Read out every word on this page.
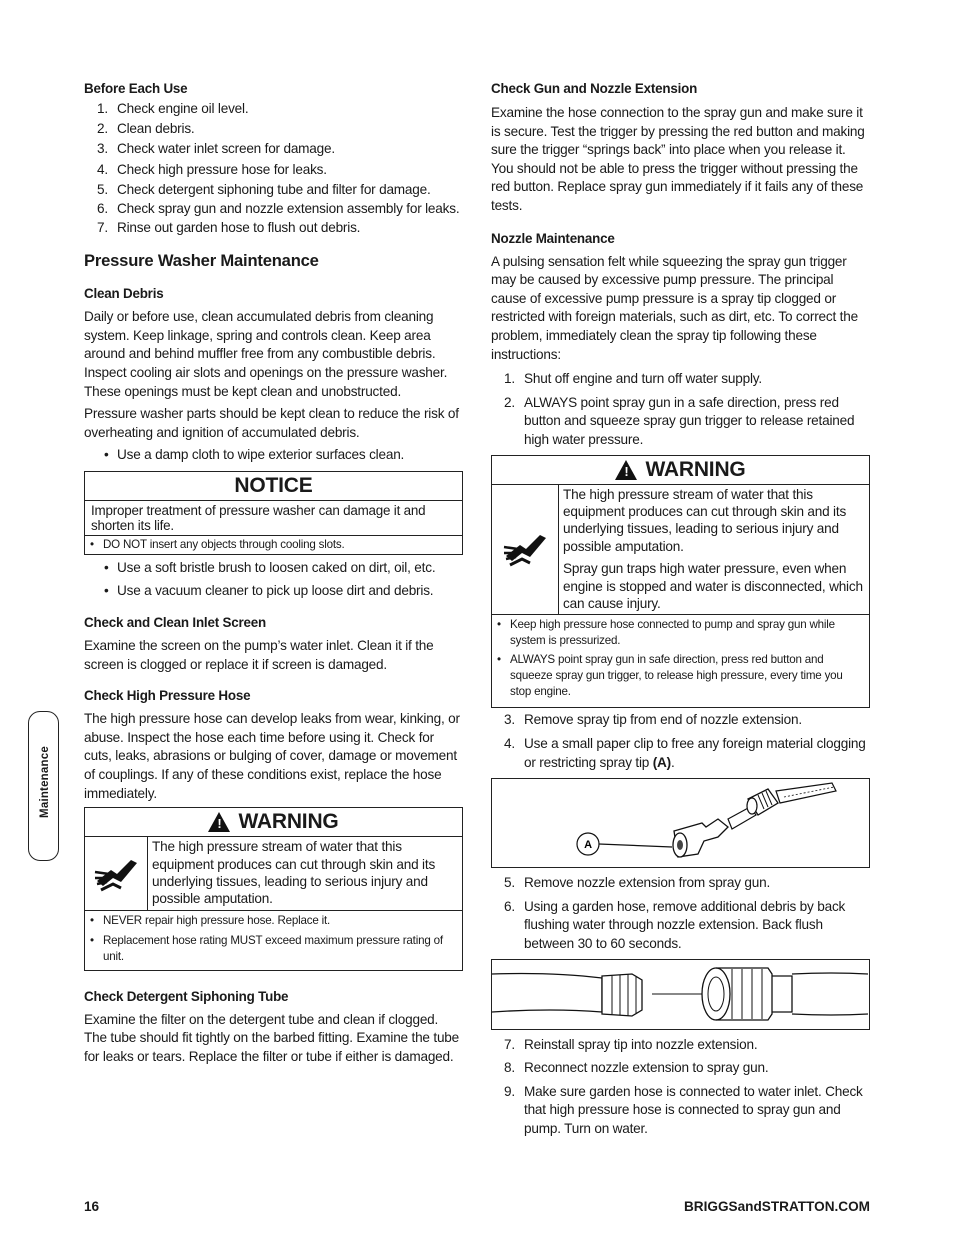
Maintenance
Before Each Use
1. Check engine oil level.
2. Clean debris.
3. Check water inlet screen for damage.
4. Check high pressure hose for leaks.
5. Check detergent siphoning tube and filter for damage.
6. Check spray gun and nozzle extension assembly for leaks.
7. Rinse out garden hose to flush out debris.
Pressure Washer Maintenance
Clean Debris

Daily or before use, clean accumulated debris from cleaning system. Keep linkage, spring and controls clean. Keep area around and behind muffler free from any combustible debris. Inspect cooling air slots and openings on the pressure washer. These openings must be kept clean and unobstructed.

Pressure washer parts should be kept clean to reduce the risk of overheating and ignition of accumulated debris.

• Use a damp cloth to wipe exterior surfaces clean.
NOTICE
Improper treatment of pressure washer can damage it and shorten its life.
• DO NOT insert any objects through cooling slots.
• Use a soft bristle brush to loosen caked on dirt, oil, etc.
• Use a vacuum cleaner to pick up loose dirt and debris.
Check and Clean Inlet Screen

Examine the screen on the pump’s water inlet. Clean it if the screen is clogged or replace it if screen is damaged.

Check High Pressure Hose

The high pressure hose can develop leaks from wear, kinking, or abuse. Inspect the hose each time before using it. Check for cuts, leaks, abrasions or bulging of cover, damage or movement of couplings. If any of these conditions exist, replace the hose immediately.

! WARNING
The high pressure stream of water that this equipment produces can cut through skin and its underlying tissues, leading to serious injury and possible amputation.
• NEVER repair high pressure hose. Replace it.
• Replacement hose rating MUST exceed maximum pressure rating of unit.
Check Detergent Siphoning Tube

Examine the filter on the detergent tube and clean if clogged. The tube should fit tightly on the barbed fitting. Examine the tube for leaks or tears. Replace the filter or tube if either is damaged.

Check Gun and Nozzle Extension

Examine the hose connection to the spray gun and make sure it is secure. Test the trigger by pressing the red button and making sure the trigger “springs back” into place when you release it. You should not be able to press the trigger without pressing the red button. Replace spray gun immediately if it fails any of these tests.

Nozzle Maintenance

A pulsing sensation felt while squeezing the spray gun trigger may be caused by excessive pump pressure. The principal cause of excessive pump pressure is a spray tip clogged or restricted with foreign materials, such as dirt, etc. To correct the problem, immediately clean the spray tip following these instructions:

1. Shut off engine and turn off water supply.
2. ALWAYS point spray gun in a safe direction, press red button and squeeze spray gun trigger to release retained high water pressure.
! WARNING

The high pressure stream of water that this equipment produces can cut through skin and its underlying tissues, leading to serious injury and possible amputation.

Spray gun traps high water pressure, even when engine is stopped and water is disconnected, which can cause injury.

• Keep high pressure hose connected to pump and spray gun while system is pressurized.
• ALWAYS point spray gun in safe direction, press red button and squeeze spray gun trigger, to release high pressure, every time you stop engine.
3. Remove spray tip from end of nozzle extension.
4. Use a small paper clip to free any foreign material clogging or restricting spray tip (A).
A
5. Remove nozzle extension from spray gun.
6. Using a garden hose, remove additional debris by back flushing water through nozzle extension. Back flush between 30 to 60 seconds.
7. Reinstall spray tip into nozzle extension.
8. Reconnect nozzle extension to spray gun.
9. Make sure garden hose is connected to water inlet. Check that high pressure hose is connected to spray gun and pump. Turn on water.
16	BRIGGSandSTRATTON.COM
